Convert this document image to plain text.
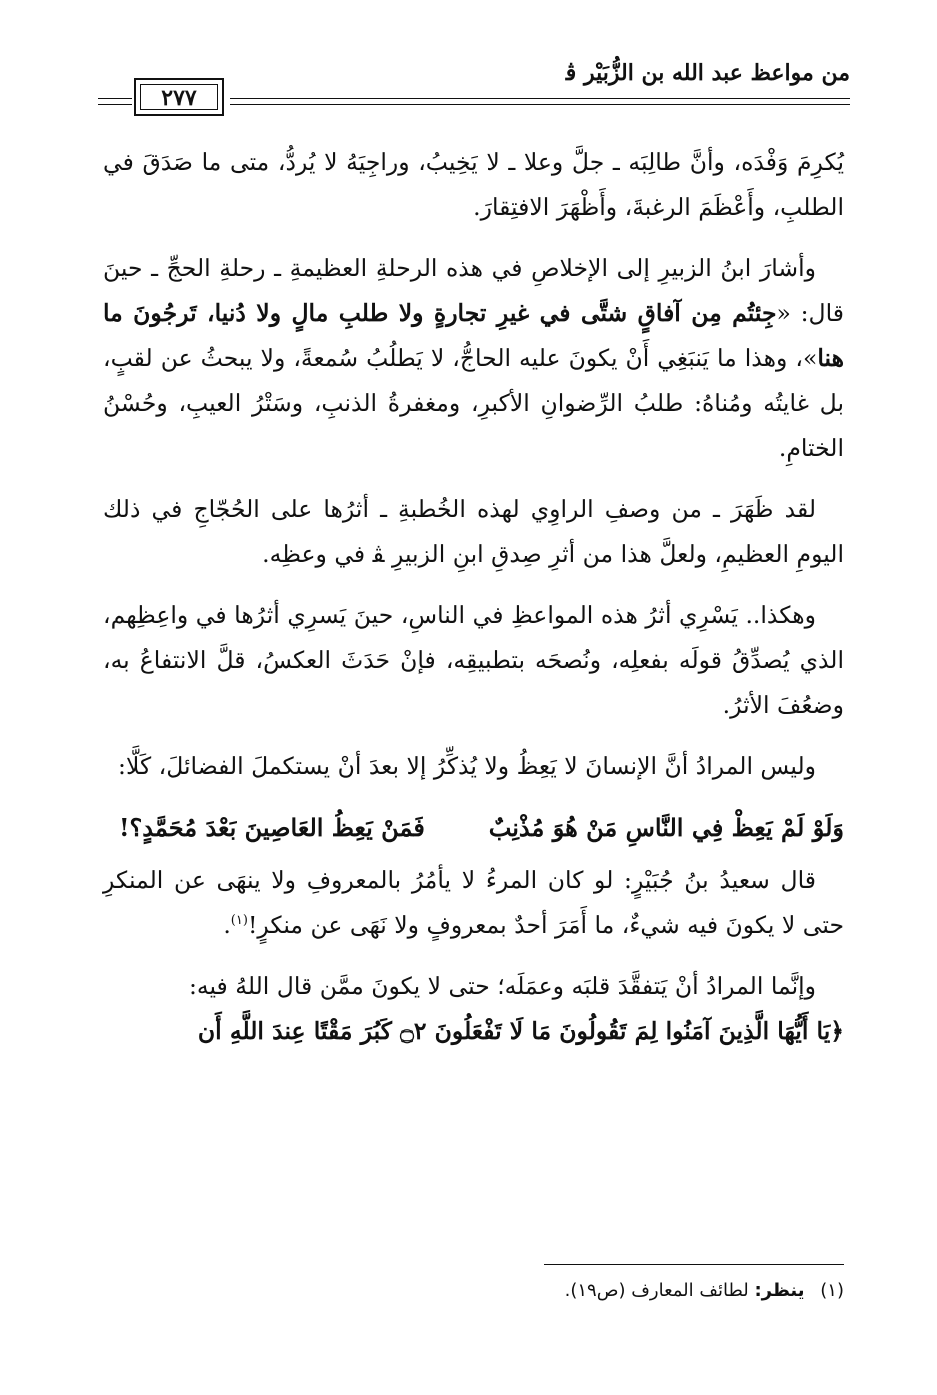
من مواعظ عبد الله بن الزُّبَيْر ﭬ
٢٧٧

يُكرِمَ وَفْدَه، وأنَّ طالِبَه ـ جلَّ وعلا ـ لا يَخِيبُ، وراجِيَهُ لا يُردُّ، متى ما صَدَقَ في الطلبِ، وأَعْظَمَ الرغبةَ، وأَظْهَرَ الافتِقارَ.

وأشارَ ابنُ الزبيرِ إلى الإخلاصِ في هذه الرحلةِ العظيمةِ ـ رحلةِ الحجِّ ـ حينَ قال: «جِئتُم مِن آفاقٍ شتَّى في غيرِ تجارةٍ ولا طلبِ مالٍ ولا دُنيا، تَرجُونَ ما هنا»، وهذا ما يَنبَغِي أَنْ يكونَ عليه الحاجُّ، لا يَطلُبُ سُمعةً، ولا يبحثُ عن لقبٍ، بل غايتُه ومُناهُ: طلبُ الرِّضوانِ الأكبرِ، ومغفرةُ الذنبِ، وسَتْرُ العيبِ، وحُسْنُ الختامِ.

لقد ظَهَرَ ـ من وصفِ الراوِي لهذه الخُطبةِ ـ أثرُها على الحُجّاجِ في ذلك اليومِ العظيمِ، ولعلَّ هذا من أثرِ صِدقِ ابنِ الزبيرِ ﭭ في وعظِه.

وهكذا.. يَسْرِي أثرُ هذه المواعظِ في الناسِ، حينَ يَسرِي أثرُها في واعِظِهم، الذي يُصدِّقُ قولَه بفعلِه، ونُصحَه بتطبيقِه، فإنْ حَدَثَ العكسُ، قلَّ الانتفاعُ به، وضعُفَ الأثرُ.

وليس المرادُ أنَّ الإنسانَ لا يَعِظُ ولا يُذكِّرُ إلا بعدَ أنْ يستكملَ الفضائلَ، كَلَّا:

وَلَوْ لَمْ يَعِظْ فِي النَّاسِ مَنْ هُوَ مُذْنِبٌ
فَمَنْ يَعِظُ العَاصِينَ بَعْدَ مُحَمَّدٍ؟!

قال سعيدُ بنُ جُبَيْرٍ: لو كان المرءُ لا يأمُرُ بالمعروفِ ولا ينهَى عن المنكرِ حتى لا يكونَ فيه شيءٌ، ما أَمَرَ أحدٌ بمعروفٍ ولا نَهَى عن منكرٍ!$^{(١)}$.

وإنَّما المرادُ أنْ يَتفقَّدَ قلبَه وعمَلَه؛ حتى لا يكونَ ممَّن قال اللهُ فيه:
﴿يَا أَيُّهَا الَّذِينَ آمَنُوا لِمَ تَقُولُونَ مَا لَا تَفْعَلُونَ ۝٢ كَبُرَ مَقْتًا عِندَ اللَّهِ أَن

(١) ينظر: لطائف المعارف (ص١٩).
